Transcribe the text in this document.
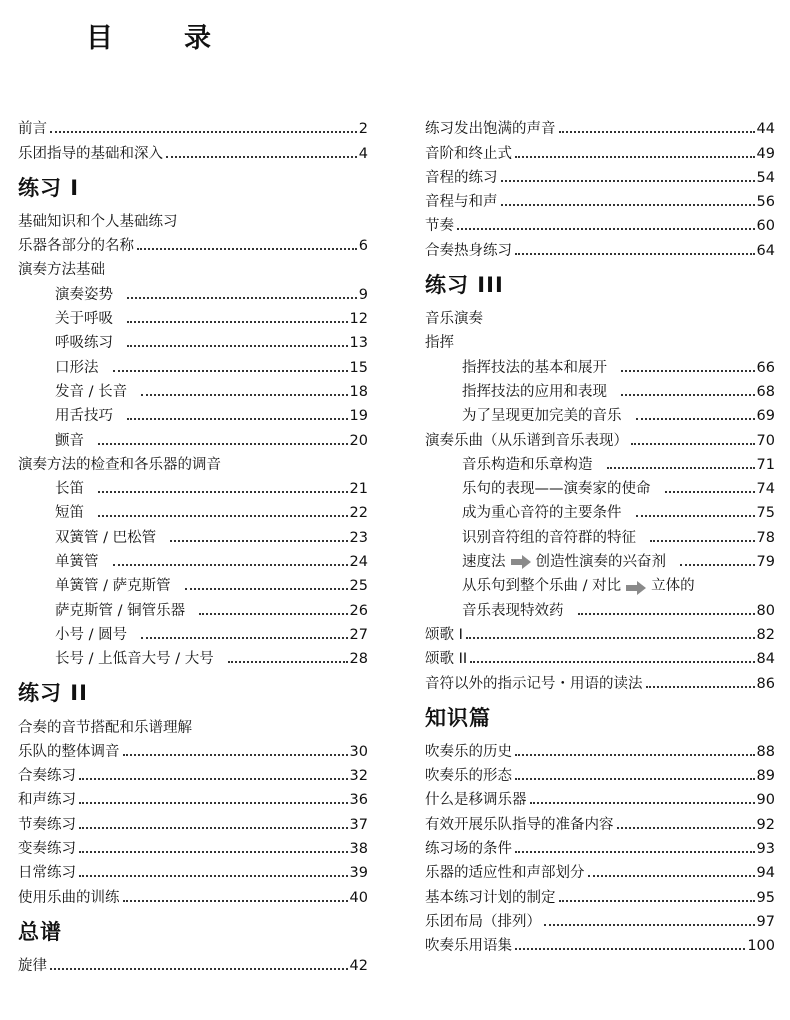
目　录
前言	2
乐团指导的基础和深入	4
练习 I
基础知识和个人基础练习
乐器各部分的名称	6
演奏方法基础
演奏姿势	9
关于呼吸	12
呼吸练习	13
口形法	15
发音 / 长音	18
用舌技巧	19
颤音	20
演奏方法的检查和各乐器的调音
长笛	21
短笛	22
双簧管 / 巴松管	23
单簧管	24
单簧管 / 萨克斯管	25
萨克斯管 / 铜管乐器	26
小号 / 圆号	27
长号 / 上低音大号 / 大号	28
练习 II
合奏的音节搭配和乐谱理解
乐队的整体调音	30
合奏练习	32
和声练习	36
节奏练习	37
变奏练习	38
日常练习	39
使用乐曲的训练	40
总谱
旋律	42
练习发出饱满的声音	44
音阶和终止式	49
音程的练习	54
音程与和声	56
节奏	60
合奏热身练习	64
练习 III
音乐演奏
指挥
指挥技法的基本和展开	66
指挥技法的应用和表现	68
为了呈现更加完美的音乐	69
演奏乐曲（从乐谱到音乐表现）	70
音乐构造和乐章构造	71
乐句的表现——演奏家的使命	74
成为重心音符的主要条件	75
识别音符组的音符群的特征	78
速度法 创造性演奏的兴奋剂	79
从乐句到整个乐曲 / 对比 立体的
音乐表现特效药	80
颂歌 I	82
颂歌 II	84
音符以外的指示记号・用语的读法	86
知识篇
吹奏乐的历史	88
吹奏乐的形态	89
什么是移调乐器	90
有效开展乐队指导的准备内容	92
练习场的条件	93
乐器的适应性和声部划分	94
基本练习计划的制定	95
乐团布局（排列）	97
吹奏乐用语集	100
